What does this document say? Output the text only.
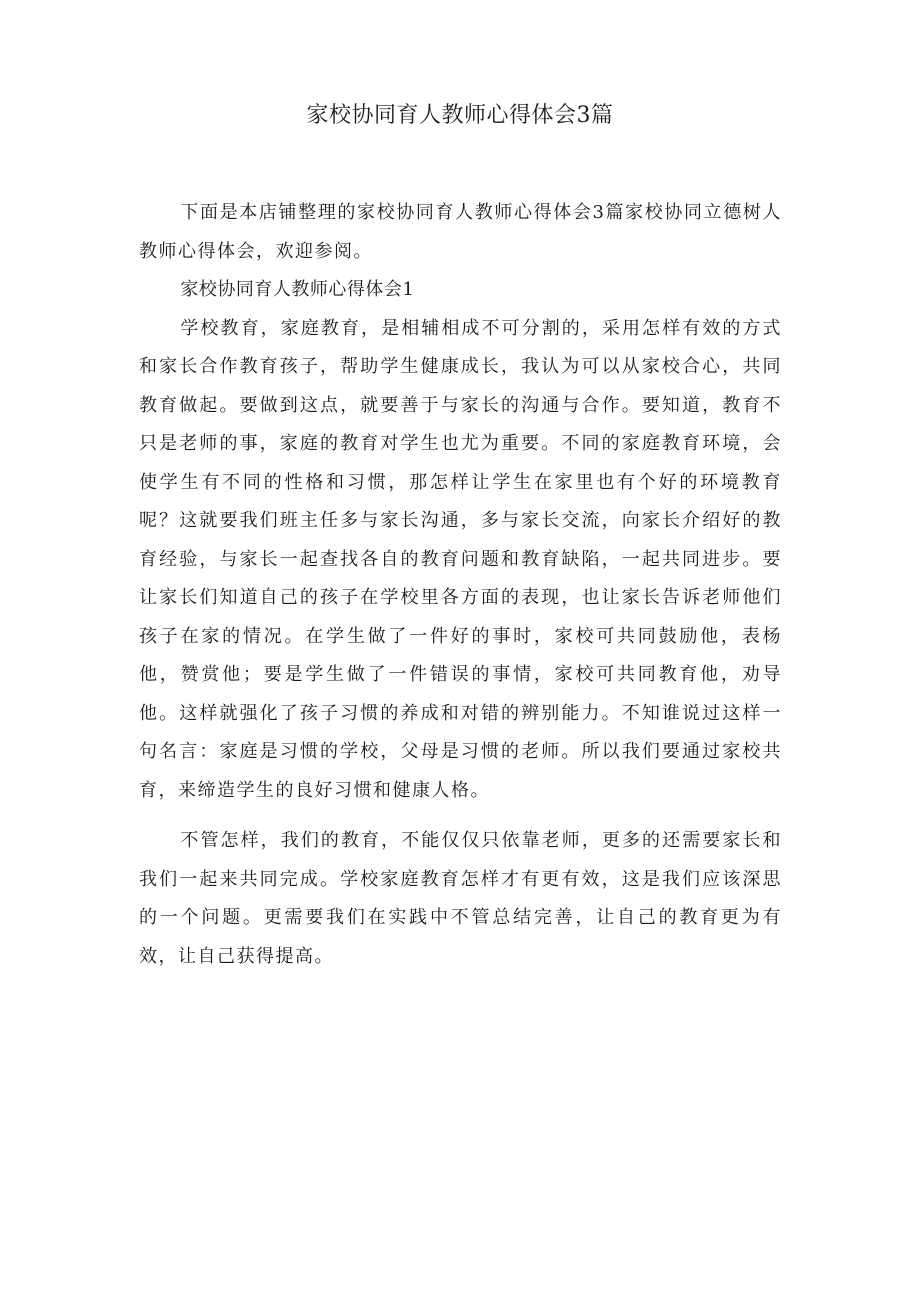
家校协同育人教师心得体会3篇

下面是本店铺整理的家校协同育人教师心得体会3篇家校协同立德树人教师心得体会，欢迎参阅。

家校协同育人教师心得体会1

学校教育，家庭教育，是相辅相成不可分割的，采用怎样有效的方式和家长合作教育孩子，帮助学生健康成长，我认为可以从家校合心，共同教育做起。要做到这点，就要善于与家长的沟通与合作。要知道，教育不只是老师的事，家庭的教育对学生也尤为重要。不同的家庭教育环境，会使学生有不同的性格和习惯，那怎样让学生在家里也有个好的环境教育呢？这就要我们班主任多与家长沟通，多与家长交流，向家长介绍好的教育经验，与家长一起查找各自的教育问题和教育缺陷，一起共同进步。要让家长们知道自己的孩子在学校里各方面的表现，也让家长告诉老师他们孩子在家的情况。在学生做了一件好的事时，家校可共同鼓励他，表杨他，赞赏他；要是学生做了一件错误的事情，家校可共同教育他，劝导他。这样就强化了孩子习惯的养成和对错的辨别能力。不知谁说过这样一句名言：家庭是习惯的学校，父母是习惯的老师。所以我们要通过家校共育，来缔造学生的良好习惯和健康人格。

不管怎样，我们的教育，不能仅仅只依靠老师，更多的还需要家长和我们一起来共同完成。学校家庭教育怎样才有更有效，这是我们应该深思的一个问题。更需要我们在实践中不管总结完善，让自己的教育更为有效，让自己获得提高。
